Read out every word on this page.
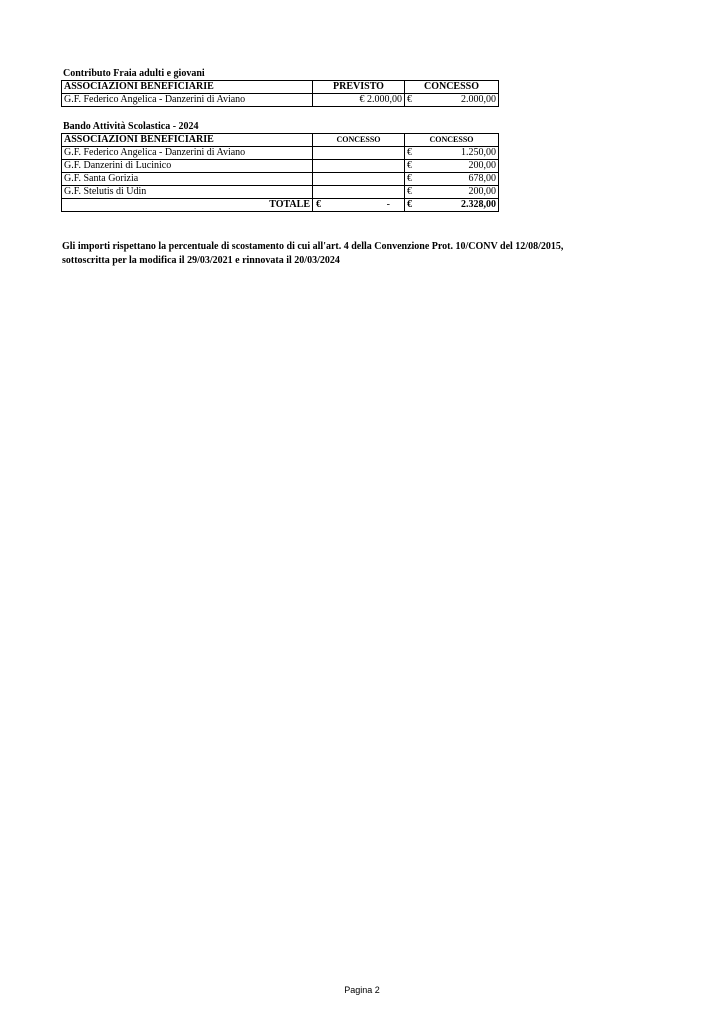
Contributo Fraia adulti e giovani
ASSOCIAZIONI BENEFICIARIE	PREVISTO	CONCESSO	
G.F. Federico Angelica - Danzerini di Aviano	€ 2.000,00	€	2.000,00
Bando Attività Scolastica - 2024
ASSOCIAZIONI BENEFICIARIE	CONCESSO	CONCESSO	
G.F. Federico Angelica - Danzerini di Aviano		€	1.250,00
G.F. Danzerini di Lucinico		€	200,00
G.F. Santa Gorizia		€	678,00
G.F. Stelutis di Udin		€	200,00
TOTALE	€ -	€	2.328,00
Gli importi rispettano la percentuale di scostamento di cui all'art. 4 della Convenzione Prot. 10/CONV del 12/08/2015,
sottoscritta per la modifica il 29/03/2021 e rinnovata il 20/03/2024
Pagina 2
